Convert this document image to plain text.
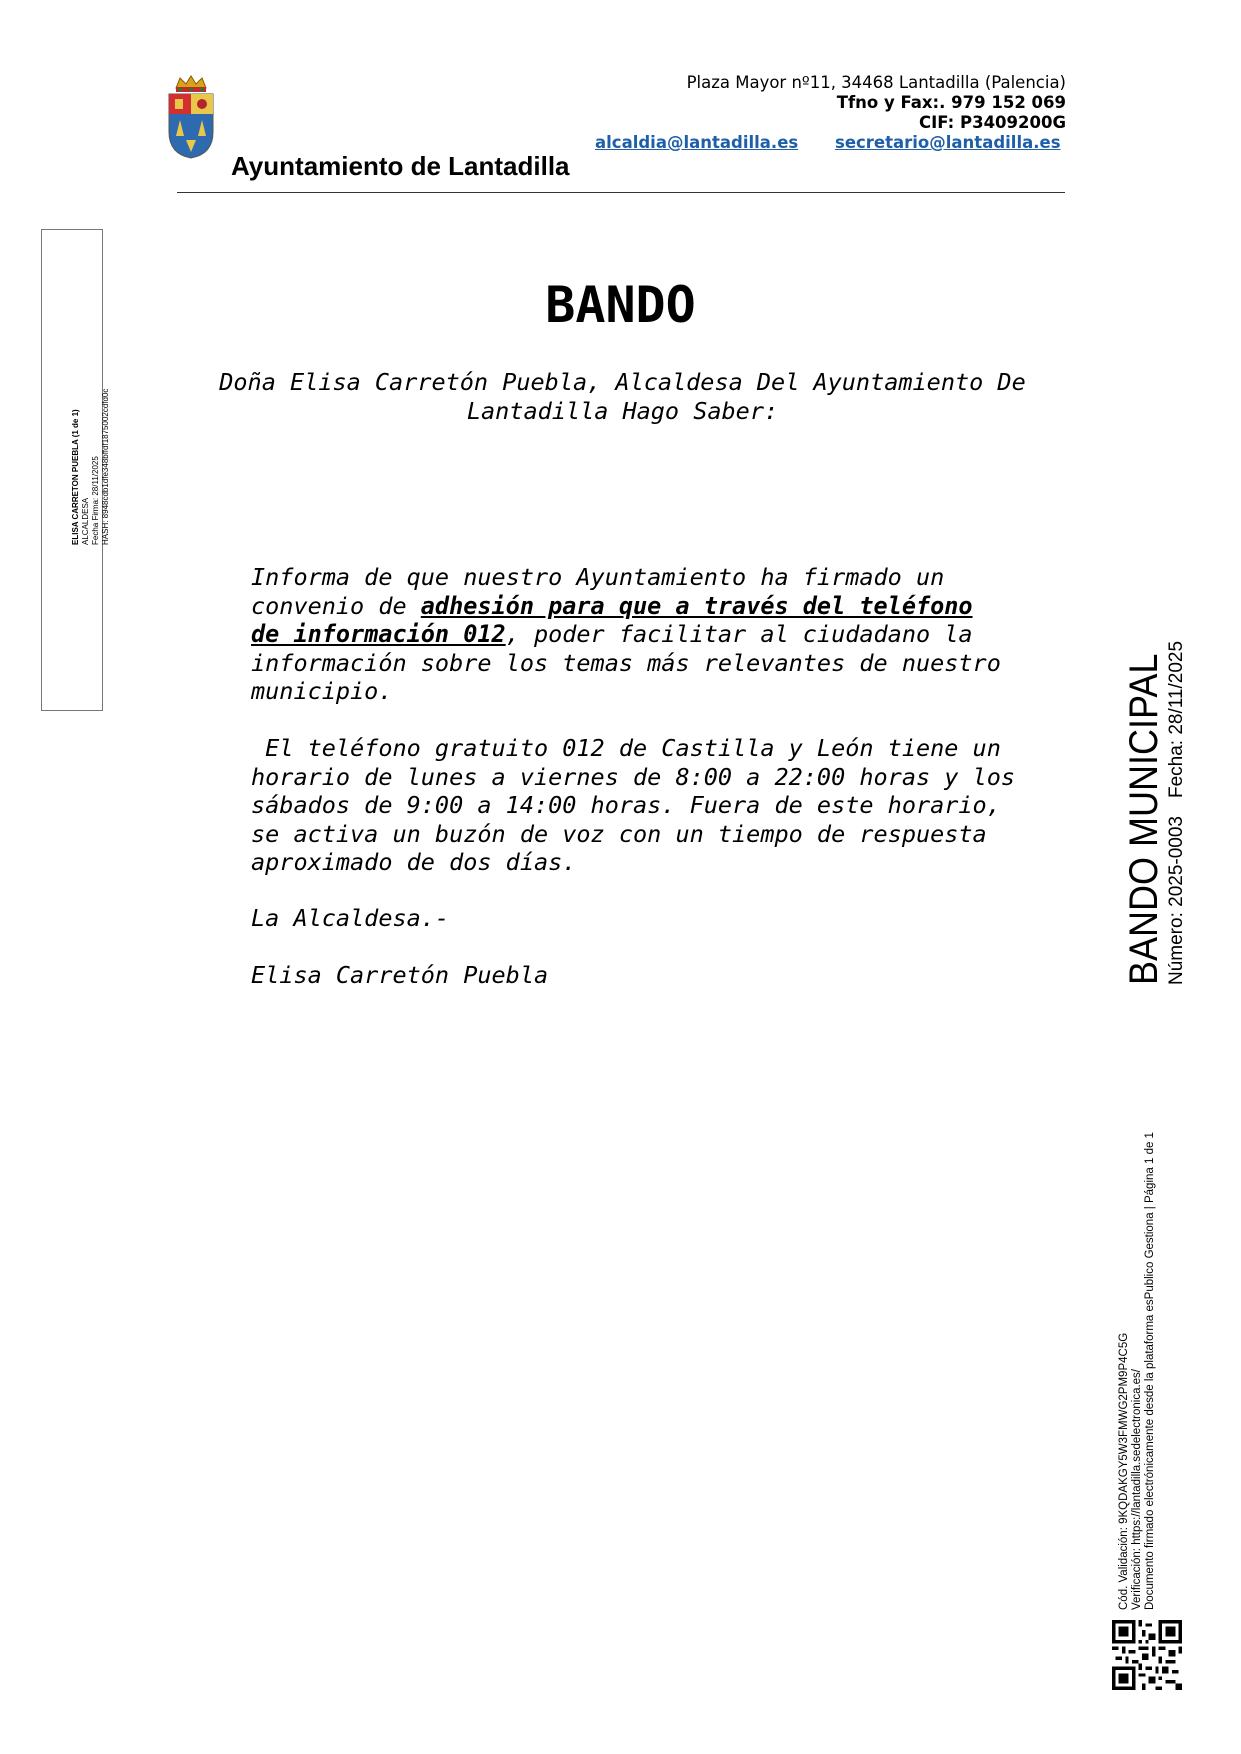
Ayuntamiento de Lantadilla
Plaza Mayor nº11, 34468 Lantadilla (Palencia)
Tfno y Fax:. 979 152 069
CIF: P3409200G
alcaldia@lantadilla.es secretario@lantadilla.es
ELISA CARRETON PUEBLA (1 de 1) ALCALDESA Fecha Firma: 28/11/2025 HASH: 8948cdb1dfe348bffdf1875002cdfd0c
BANDO
Doña Elisa Carretón Puebla, Alcaldesa Del Ayuntamiento De Lantadilla Hago Saber:
Informa de que nuestro Ayuntamiento ha firmado un
convenio de adhesión para que a través del teléfono
de información 012, poder facilitar al ciudadano la
información sobre los temas más relevantes de nuestro
municipio.
El teléfono gratuito 012 de Castilla y León tiene un
horario de lunes a viernes de 8:00 a 22:00 horas y los
sábados de 9:00 a 14:00 horas. Fuera de este horario,
se activa un buzón de voz con un tiempo de respuesta
aproximado de dos días.
La Alcaldesa.-
Elisa Carretón Puebla	BANDO MUNICIPAL Número: 2025-0003Fecha: 28/11/2025
Cód. Validación: 9KQDAKGY5W3FMWG2PM9P4C5G Verificación: https://lantadilla.sedelectronica.es/ Documento firmado electrónicamente desde la plataforma esPublico Gestiona | Página 1 de 1
